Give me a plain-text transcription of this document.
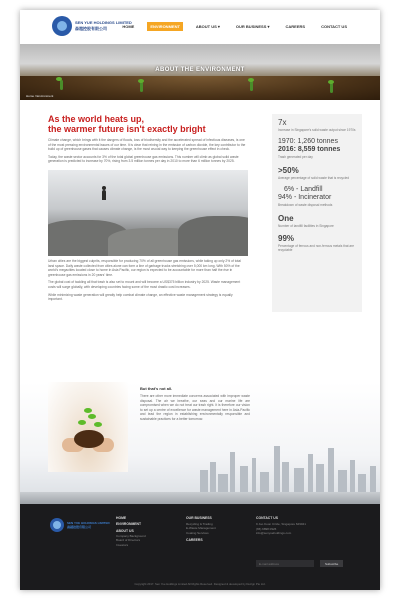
SEN YUE HOLDINGS LIMITED
森越控股有限公司	HOME	ENVIRONMENT	ABOUT US ▾	OUR BUSINESS ▾	CAREERS	CONTACT US
ABOUT THE ENVIRONMENT
Home / Environment
As the world heats up,
the warmer future isn't exactly bright

Climate change, which brings with it the dangers of floods, loss of biodiversity and the accelerated spread of infectious diseases, is one of the most pressing environmental issues of our time. It is clear that reining in the emission of carbon dioxide, the key contributor to the build up of greenhouse gases that causes climate change, is the most crucial way to keeping the greenhouse effect in check.

Today, the waste sector accounts for 3% of the total global greenhouse gas emissions. This number will climb as global solid waste generation is predicted to increase by 70%, rising from 3.5 million tonnes per day in 2010 to more than 6 million tonnes by 2025.

Urban cities are the biggest culprits, responsible for producing 70% of all greenhouse gas emissions, while taking up only 2% of total land space. Daily waste collected from cities alone can form a line of garbage trucks stretching over 5,000 km long. With 50% of the world's megacities located close to home in Asia Pacific, our region is expected to be accountable for more than half the rise in greenhouse gas emissions in 20 years' time.

The global cost of tackling all that trash is also set to mount and will become a US$375 billion industry by 2025. Waste management costs will surge globally, with developing countries facing some of the most drastic cost increases.

While minimizing waste generation will greatly help combat climate change, an effective waste management strategy is equally important.

7x
Increase in Singapore's solid waste output since 1970s
1970: 1,260 tonnes
2016: 8,559 tonnes
Trash generated per day
>50%
Average percentage of solid waste that is recycled
6% - Landfill
94% - Incinerator
Breakdown of waste disposal methods
One
Number of landfill facilities in Singapore
99%
Percentage of ferrous and non-ferrous metals that are recyclable
But that's not all.

There are other more immediate concerns associated with improper waste disposal. The air we breathe, our seas and our marine life are compromised when we do not treat our trash right. It is therefore our vision to set up a centre of excellence for waste management here in Asia-Pacific and lead the region in establishing environmentally responsible and sustainable practices for a better tomorrow.

SEN YUE HOLDINGS LIMITED
森越控股有限公司
HOME
ENVIRONMENT
ABOUT US
Company Background
Board of Directors
Investors
OUR BUSINESS
Recycling & Trading
E-Waste Management
Coating Services
CAREERS
CONTACT US
9 Joo Koon Circle, Singapore 629041
(65) 6898 0926
info@senyueholdings.com
E-mail address
Subscribe
Copyright 2017. Sen Yue Holdings Limited All Rights Reserved. Designed & developed by Dezign Pte Ltd.
